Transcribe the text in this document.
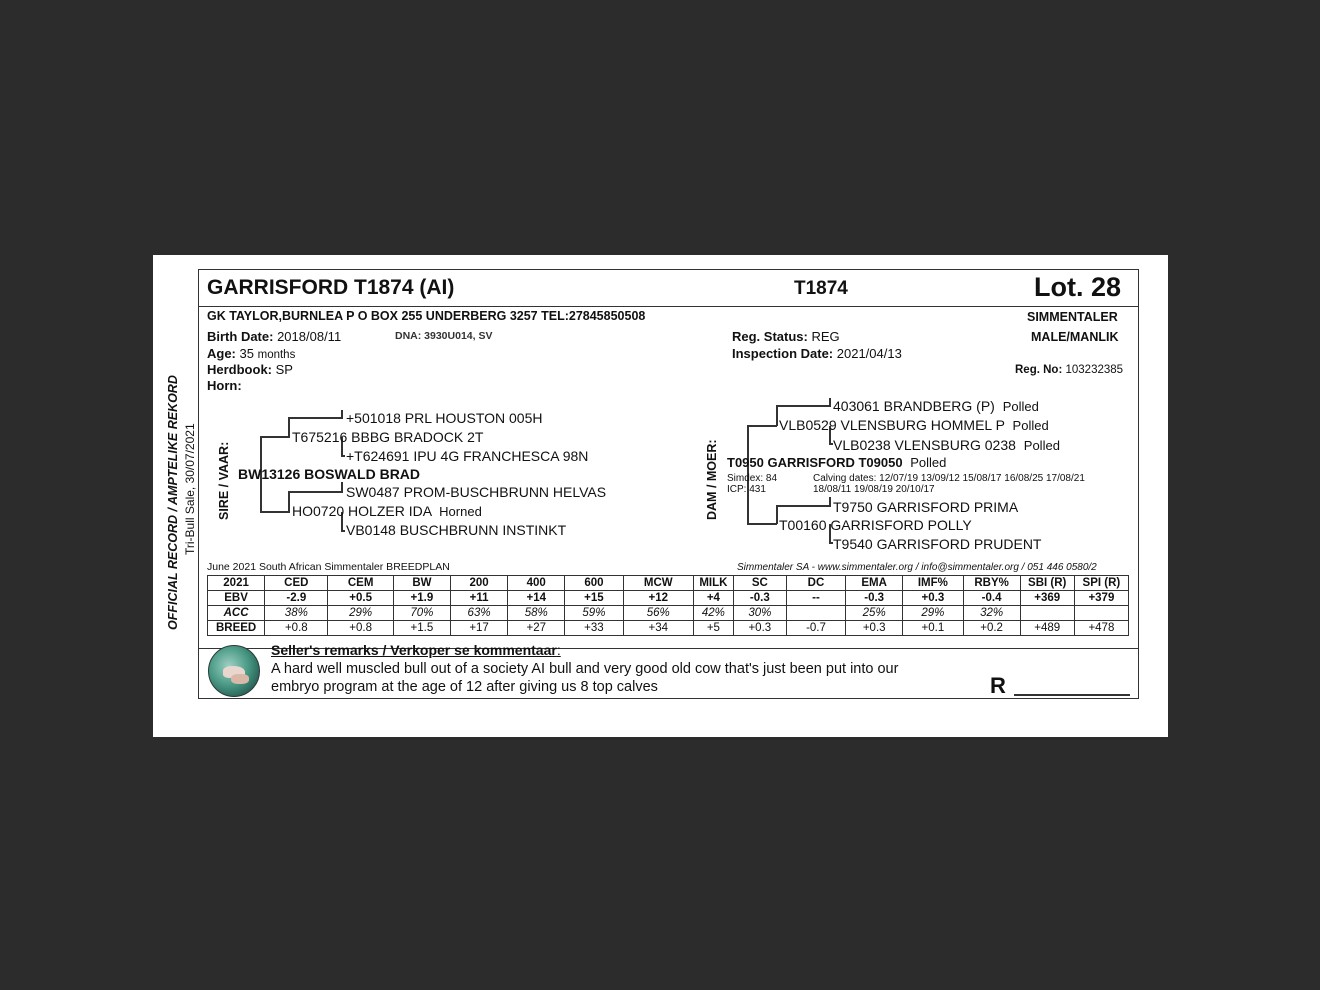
OFFICIAL RECORD / AMPTELIKE REKORD Tri-Bull Sale, 30/07/2021
GARRISFORD T1874 (AI)	T1874	Lot. 28
GK TAYLOR,BURNLEA P O BOX 255 UNDERBERG 3257 TEL:27845850508	SIMMENTALER
Birth Date: 2018/08/11	DNA: 3930U014, SV
Age: 35 months
Herdbook: SP
Horn:
Reg. Status: REG
Inspection Date: 2021/04/13
MALE/MANLIK
Reg. No: 103232385
SIRE / VAAR:
+501018 PRL HOUSTON 005H
T675216 BBBG BRADOCK 2T
+T624691 IPU 4G FRANCHESCA 98N
BW13126 BOSWALD BRAD
SW0487 PROM-BUSCHBRUNN HELVAS
HO0720 HOLZER IDA Horned
VB0148 BUSCHBRUNN INSTINKT
DAM / MOER:
403061 BRANDBERG (P) Polled
VLB0529 VLENSBURG HOMMEL P Polled
VLB0238 VLENSBURG 0238 Polled
T0950 GARRISFORD T09050 Polled
Simdex: 84
ICP: 431
Calving dates: 12/07/19 13/09/12 15/08/17 16/08/25 17/08/21
18/08/11 19/08/19 20/10/17
T9750 GARRISFORD PRIMA
T00160 GARRISFORD POLLY
T9540 GARRISFORD PRUDENT
June 2021 South African Simmentaler BREEDPLAN	Simmentaler SA - www.simmentaler.org / info@simmentaler.org / 051 446 0580/2
2021	CED	CEM	BW	200	400	600	MCW	MILK	SC	DC	EMA	IMF%	RBY%	SBI (R)	SPI (R)
EBV	-2.9	+0.5	+1.9	+11	+14	+15	+12	+4	-0.3	--	-0.3	+0.3	-0.4	+369	+379
ACC	38%	29%	70%	63%	58%	59%	56%	42%	30%		25%	29%	32%		
BREED	+0.8	+0.8	+1.5	+17	+27	+33	+34	+5	+0.3	-0.7	+0.3	+0.1	+0.2	+489	+478
Seller's remarks / Verkoper se kommentaar:
A hard well muscled bull out of a society AI bull and very good old cow that's just been put into our
embryo program at the age of 12 after giving us 8 top calves	R
